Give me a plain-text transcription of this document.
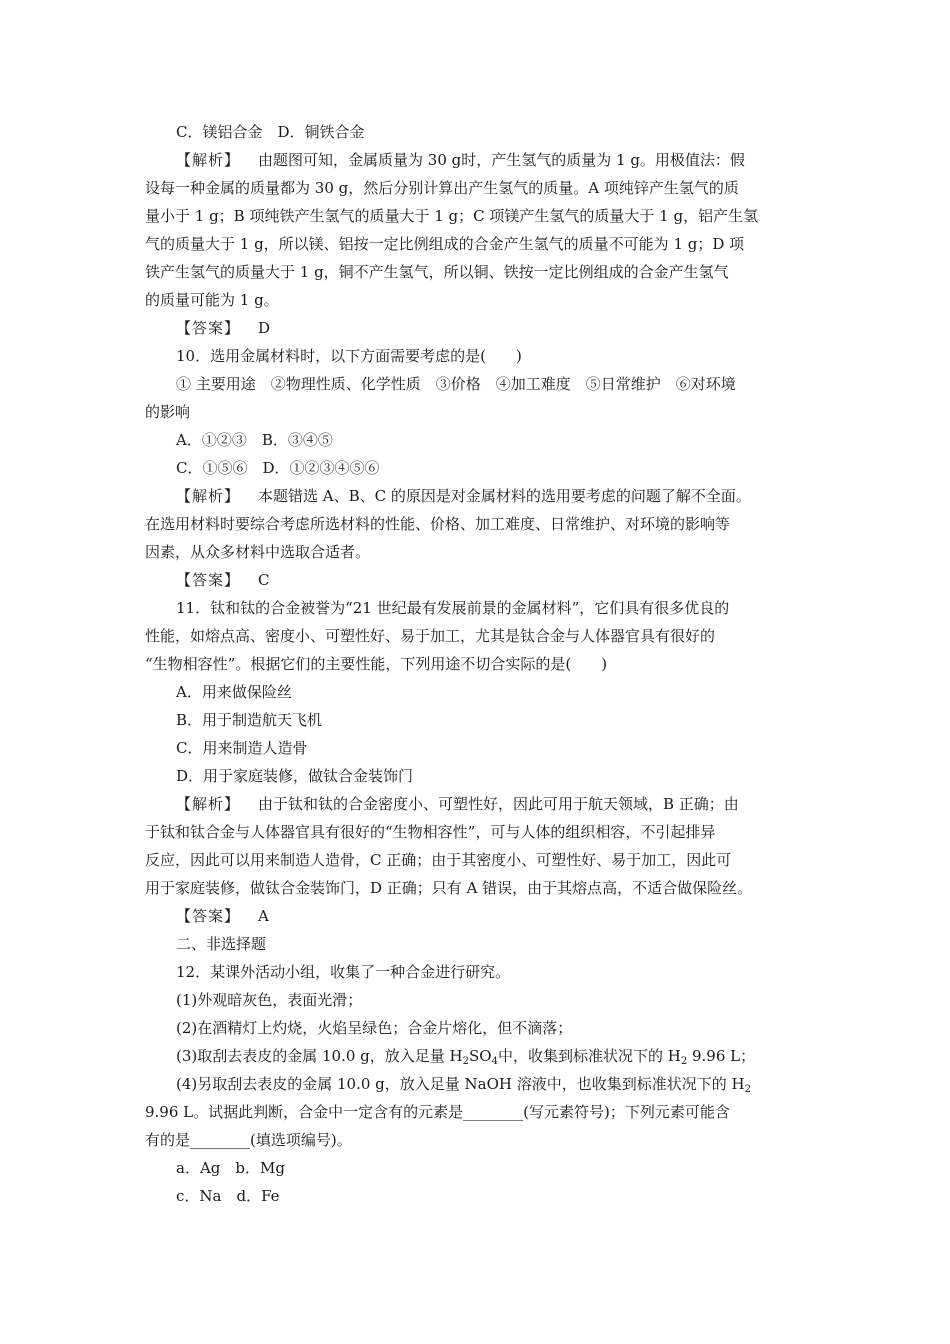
C．镁铝合金　D．铜铁合金
【解析】 由题图可知，金属质量为 30 g时，产生氢气的质量为 1 g。用极值法：假
设每一种金属的质量都为 30 g，然后分别计算出产生氢气的质量。A 项纯锌产生氢气的质
量小于 1 g；B 项纯铁产生氢气的质量大于 1 g；C 项镁产生氢气的质量大于 1 g，铝产生氢
气的质量大于 1 g，所以镁、铝按一定比例组成的合金产生氢气的质量不可能为 1 g；D 项
铁产生氢气的质量大于 1 g，铜不产生氢气，所以铜、铁按一定比例组成的合金产生氢气
的质量可能为 1 g。
【答案】 D
10．选用金属材料时，以下方面需要考虑的是(　　)
① 主要用途　②物理性质、化学性质　③价格　④加工难度　⑤日常维护　⑥对环境
的影响
A．①②③　B．③④⑤
C．①⑤⑥　D．①②③④⑤⑥
【解析】 本题错选 A、B、C 的原因是对金属材料的选用要考虑的问题了解不全面。
在选用材料时要综合考虑所选材料的性能、价格、加工难度、日常维护、对环境的影响等
因素，从众多材料中选取合适者。
【答案】 C
11．钛和钛的合金被誉为“21 世纪最有发展前景的金属材料”，它们具有很多优良的
性能，如熔点高、密度小、可塑性好、易于加工，尤其是钛合金与人体器官具有很好的
“生物相容性”。根据它们的主要性能，下列用途不切合实际的是(　　)
A．用来做保险丝
B．用于制造航天飞机
C．用来制造人造骨
D．用于家庭装修，做钛合金装饰门
【解析】 由于钛和钛的合金密度小、可塑性好，因此可用于航天领域，B 正确；由
于钛和钛合金与人体器官具有很好的“生物相容性”，可与人体的组织相容，不引起排异
反应，因此可以用来制造人造骨，C 正确；由于其密度小、可塑性好、易于加工，因此可
用于家庭装修，做钛合金装饰门，D 正确；只有 A 错误，由于其熔点高，不适合做保险丝。
【答案】 A
二、非选择题
12．某课外活动小组，收集了一种合金进行研究。
(1)外观暗灰色，表面光滑；
(2)在酒精灯上灼烧，火焰呈绿色；合金片熔化，但不滴落；
(3)取刮去表皮的金属 10.0 g，放入足量 $H_2SO_4$中，收集到标准状况下的 $H_2$ 9.96 L；
(4)另取刮去表皮的金属 10.0 g，放入足量 NaOH 溶液中，也收集到标准状况下的 $H_2$
9.96 L。试据此判断，合金中一定含有的元素是________(写元素符号)；下列元素可能含
有的是________(填选项编号)。
a．Ag　b．Mg
c．Na　d．Fe
